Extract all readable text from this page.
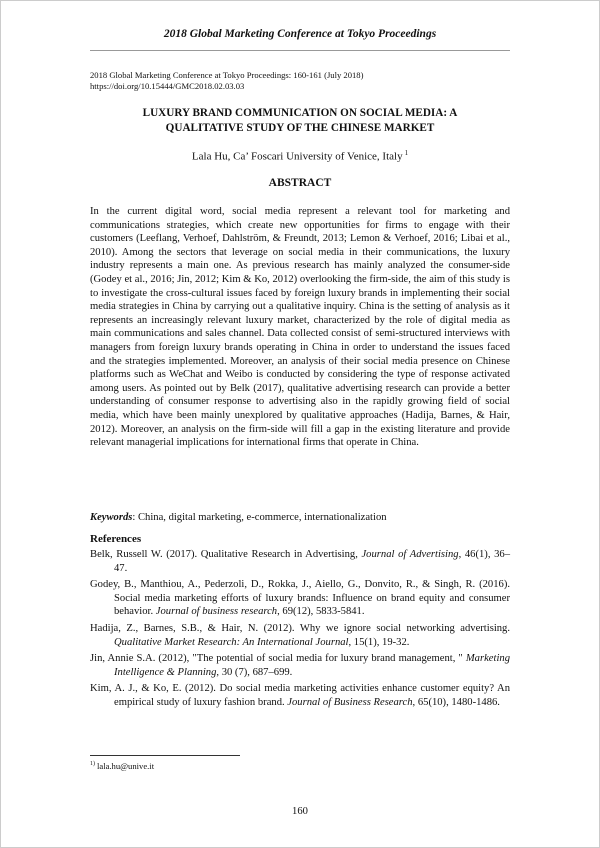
2018 Global Marketing Conference at Tokyo Proceedings
2018 Global Marketing Conference at Tokyo Proceedings: 160-161 (July 2018)
https://doi.org/10.15444/GMC2018.02.03.03
LUXURY BRAND COMMUNICATION ON SOCIAL MEDIA: A
QUALITATIVE STUDY OF THE CHINESE MARKET
Lala Hu, Ca’ Foscari University of Venice, Italy $^1$
ABSTRACT
In the current digital word, social media represent a relevant tool for marketing and communications strategies, which create new opportunities for firms to engage with their customers (Leeflang, Verhoef, Dahlström, & Freundt, 2013; Lemon & Verhoef, 2016; Libai et al., 2010). Among the sectors that leverage on social media in their communications, the luxury industry represents a main one. As previous research has mainly analyzed the consumer-side (Godey et al., 2016; Jin, 2012; Kim & Ko, 2012) overlooking the firm-side, the aim of this study is to investigate the cross-cultural issues faced by foreign luxury brands in implementing their social media strategies in China by carrying out a qualitative inquiry. China is the setting of analysis as it represents an increasingly relevant luxury market, characterized by the role of digital media as main communications and sales channel. Data collected consist of semi-structured interviews with managers from foreign luxury brands operating in China in order to understand the issues faced and the strategies implemented. Moreover, an analysis of their social media presence on Chinese platforms such as WeChat and Weibo is conducted by considering the type of response activated among users. As pointed out by Belk (2017), qualitative advertising research can provide a better understanding of consumer response to advertising also in the rapidly growing field of social media, which have been mainly unexplored by qualitative approaches (Hadija, Barnes, & Hair, 2012). Moreover, an analysis on the firm-side will fill a gap in the existing literature and provide relevant managerial implications for international firms that operate in China.
Keywords: China, digital marketing, e-commerce, internationalization
References
Belk, Russell W. (2017). Qualitative Research in Advertising, Journal of Advertising, 46(1), 36–47.
Godey, B., Manthiou, A., Pederzoli, D., Rokka, J., Aiello, G., Donvito, R., & Singh, R. (2016). Social media marketing efforts of luxury brands: Influence on brand equity and consumer behavior. Journal of business research, 69(12), 5833-5841.
Hadija, Z., Barnes, S.B., & Hair, N. (2012). Why we ignore social networking advertising. Qualitative Market Research: An International Journal, 15(1), 19-32.
Jin, Annie S.A. (2012), "The potential of social media for luxury brand management, " Marketing Intelligence & Planning, 30 (7), 687–699.
Kim, A. J., & Ko, E. (2012). Do social media marketing activities enhance customer equity? An empirical study of luxury fashion brand. Journal of Business Research, 65(10), 1480-1486.
$^{1)}$ lala.hu@unive.it
160
